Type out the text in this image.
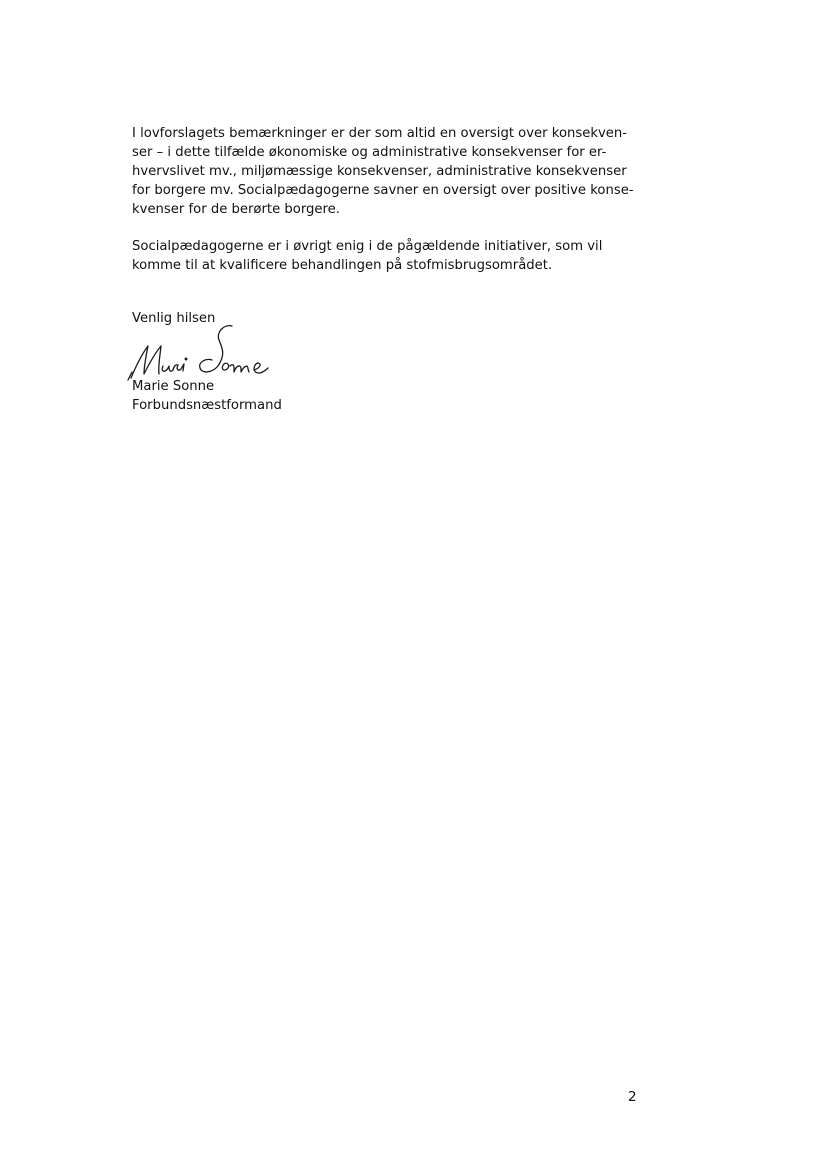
I lovforslagets bemærkninger er der som altid en oversigt over konsekven-
ser – i dette tilfælde økonomiske og administrative konsekvenser for er-
hvervslivet mv., miljømæssige konsekvenser, administrative konsekvenser
for borgere mv. Socialpædagogerne savner en oversigt over positive konse-
kvenser for de berørte borgere.
Socialpædagogerne er i øvrigt enig i de pågældende initiativer, som vil
komme til at kvalificere behandlingen på stofmisbrugsområdet.
Venlig hilsen
Marie Sonne
Forbundsnæstformand
2
